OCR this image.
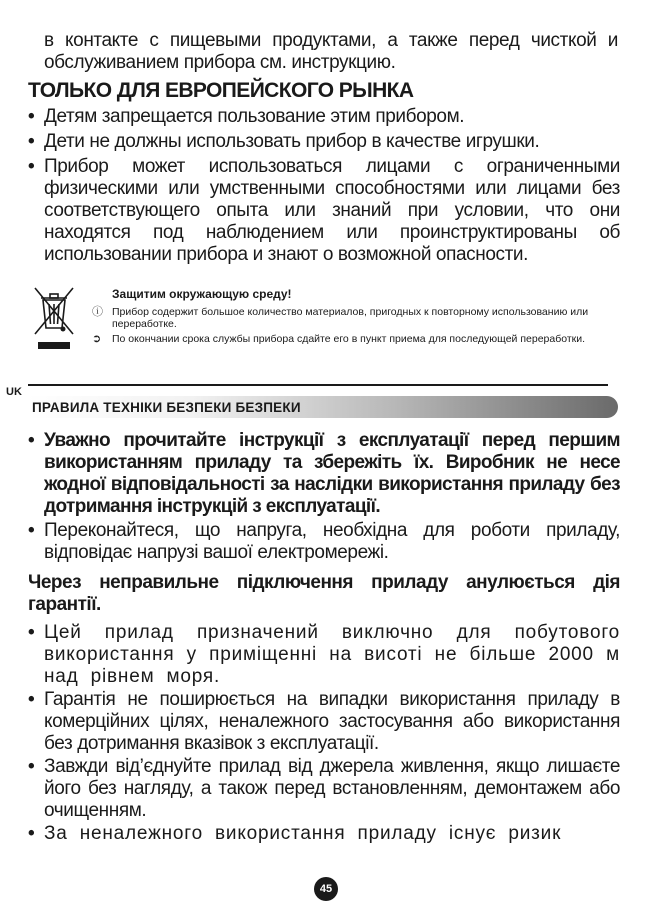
в контакте с пищевыми продуктами, а также перед чисткой и обслуживанием прибора см. инструкцию.
ТОЛЬКО ДЛЯ ЕВРОПЕЙСКОГО РЫНКА
• Детям запрещается пользование этим прибором.
• Дети не должны использовать прибор в качестве игрушки.
• Прибор может использоваться лицами с ограниченными физическими или умственными способностями или лицами без соответствующего опыта или знаний при условии, что они находятся под наблюдением или проинструктированы об использовании прибора и знают о возможной опасности.
Защитим окружающую среду!
ⓘ Прибор содержит большое количество материалов, пригодных к повторному использованию или переработке.
➲ По окончании срока службы прибора сдайте его в пункт приема для последующей переработки.
UK
ПРАВИЛА ТЕХНІКИ БЕЗПЕКИ БЕЗПЕКИ
• Уважно прочитайте інструкції з експлуатації перед першим використанням приладу та збережіть їх. Виробник не несе жодної відповідальності за наслідки використання приладу без дотримання інструкцій з експлуатації.
• Переконайтеся, що напруга, необхідна для роботи приладу, відповідає напрузі вашої електромережі.
Через неправильне підключення приладу анулюється дія гарантії.
• Цей прилад призначений виключно для побутового використання у приміщенні на висоті не більше 2000 м над рівнем моря.
• Гарантія не поширюється на випадки використання приладу в комерційних цілях, неналежного застосування або використання без дотримання вказівок з експлуатації.
• Завжди від’єднуйте прилад від джерела живлення, якщо лишаєте його без нагляду, а також перед встановленням, демонтажем або очищенням.
• За неналежного використання приладу існує ризик
45
